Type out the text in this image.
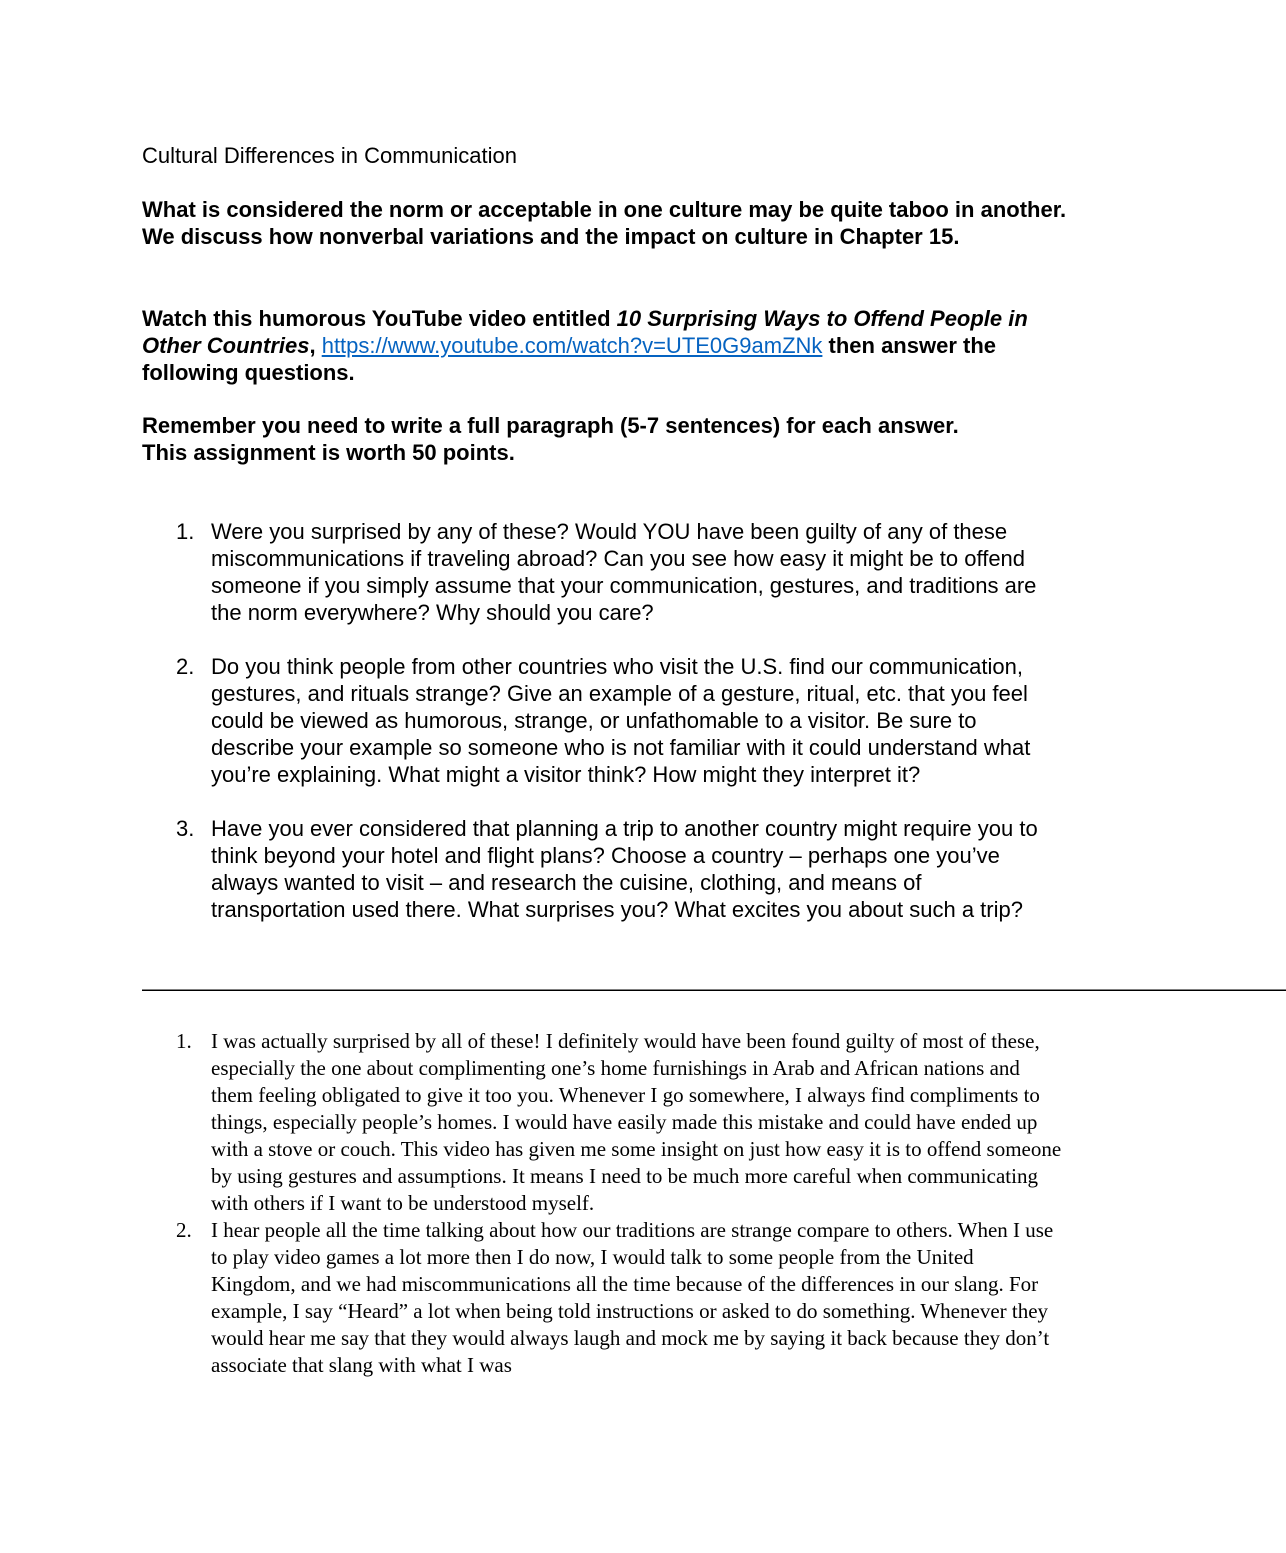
Cultural Differences in Communication

What is considered the norm or acceptable in one culture may be quite taboo in another. We discuss how nonverbal variations and the impact on culture in Chapter 15.

Watch this humorous YouTube video entitled 10 Surprising Ways to Offend People in Other Countries, https://www.youtube.com/watch?v=UTE0G9amZNk then answer the following questions.

Remember you need to write a full paragraph (5-7 sentences) for each answer.
This assignment is worth 50 points.

1. Were you surprised by any of these? Would YOU have been guilty of any of these miscommunications if traveling abroad? Can you see how easy it might be to offend someone if you simply assume that your communication, gestures, and traditions are the norm everywhere? Why should you care?
2. Do you think people from other countries who visit the U.S. find our communication, gestures, and rituals strange? Give an example of a gesture, ritual, etc. that you feel could be viewed as humorous, strange, or unfathomable to a visitor. Be sure to describe your example so someone who is not familiar with it could understand what you’re explaining. What might a visitor think? How might they interpret it?
3. Have you ever considered that planning a trip to another country might require you to think beyond your hotel and flight plans? Choose a country – perhaps one you’ve always wanted to visit – and research the cuisine, clothing, and means of transportation used there. What surprises you? What excites you about such a trip?
————————————————————————————————————————————————————
1. I was actually surprised by all of these! I definitely would have been found guilty of most of these, especially the one about complimenting one’s home furnishings in Arab and African nations and them feeling obligated to give it too you. Whenever I go somewhere, I always find compliments to things, especially people’s homes. I would have easily made this mistake and could have ended up with a stove or couch. This video has given me some insight on just how easy it is to offend someone by using gestures and assumptions. It means I need to be much more careful when communicating with others if I want to be understood myself.
2. I hear people all the time talking about how our traditions are strange compare to others. When I use to play video games a lot more then I do now, I would talk to some people from the United Kingdom, and we had miscommunications all the time because of the differences in our slang. For example, I say “Heard” a lot when being told instructions or asked to do something. Whenever they would hear me say that they would always laugh and mock me by saying it back because they don’t associate that slang with what I was
